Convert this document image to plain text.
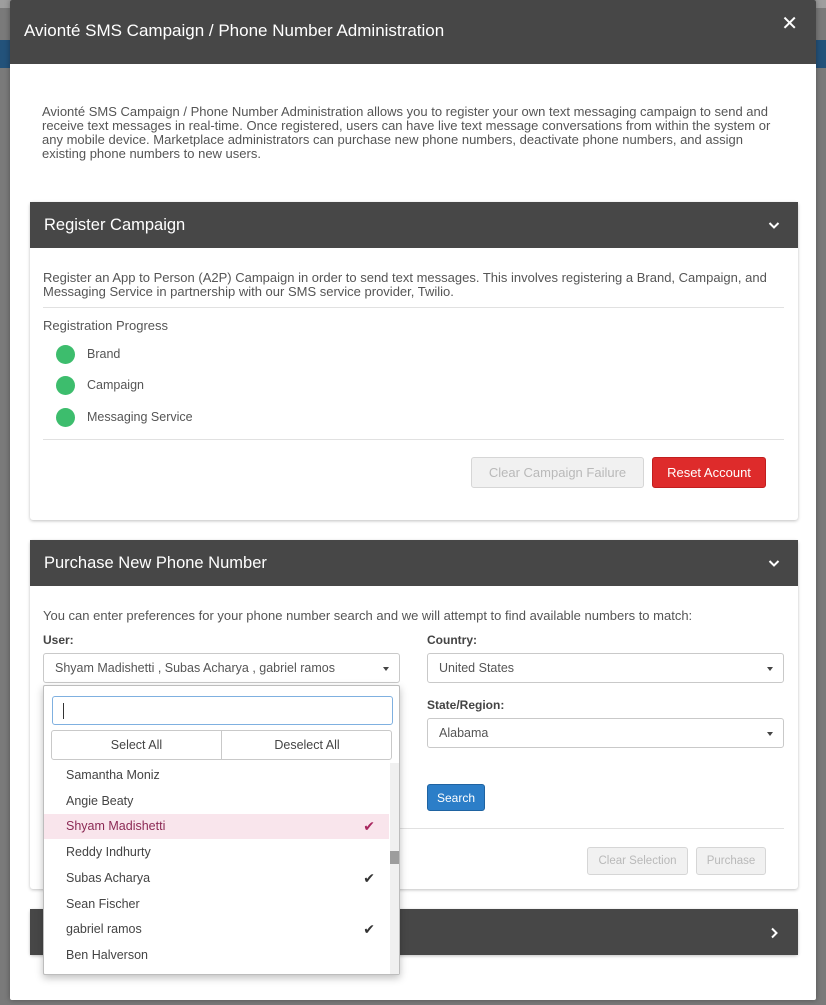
Avionté SMS Campaign / Phone Number Administration	✕
Avionté SMS Campaign / Phone Number Administration allows you to register your own text messaging campaign to send and receive text messages in real-time. Once registered, users can have live text message conversations from within the system or any mobile device. Marketplace administrators can purchase new phone numbers, deactivate phone numbers, and assign existing phone numbers to new users.
Register Campaign
Register an App to Person (A2P) Campaign in order to send text messages. This involves registering a Brand, Campaign, and Messaging Service in partnership with our SMS service provider, Twilio.
Registration Progress
Brand
Campaign
Messaging Service
Clear Campaign Failure	Reset Account
Purchase New Phone Number
You can enter preferences for your phone number search and we will attempt to find available numbers to match:
User:
Shyam Madishetti , Subas Acharya , gabriel ramos
Country:
United States
State/Region:
Alabama
Search
Clear Selection	Purchase
Select All	Deselect All
Samantha Moniz
Angie Beaty
Shyam Madishetti	✔
Reddy Indhurty
Subas Acharya	✔
Sean Fischer
gabriel ramos	✔
Ben Halverson
